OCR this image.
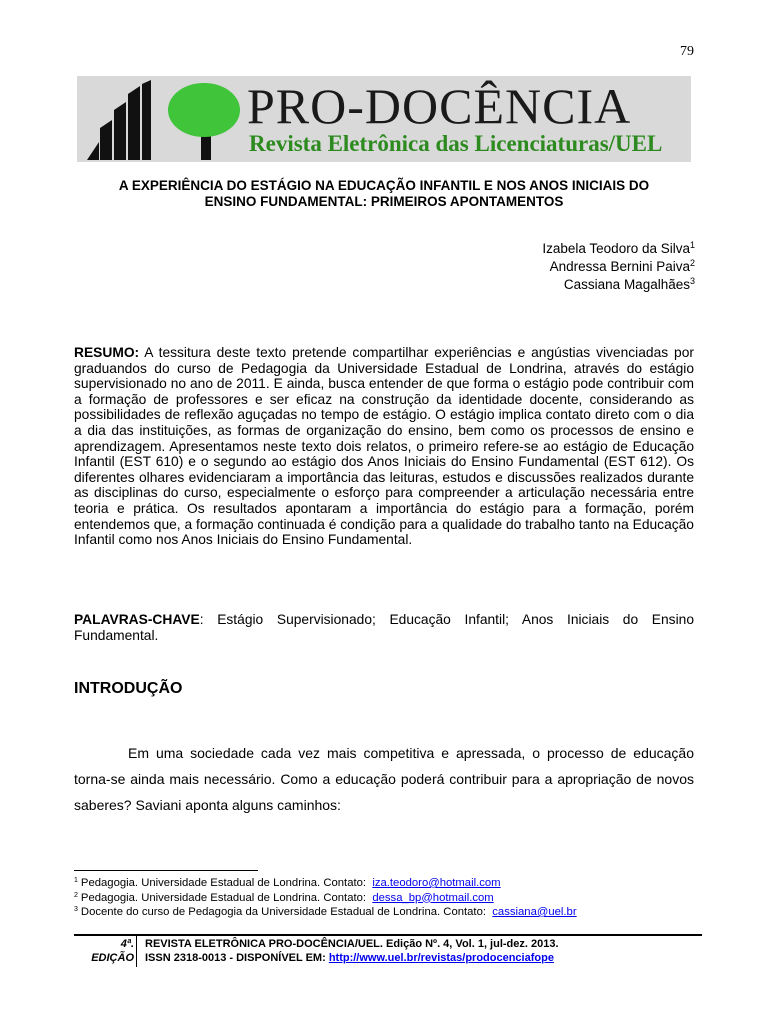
79
PRO-DOCÊNCIA
Revista Eletrônica das Licenciaturas/UEL
A EXPERIÊNCIA DO ESTÁGIO NA EDUCAÇÃO INFANTIL E NOS ANOS INICIAIS DO
ENSINO FUNDAMENTAL: PRIMEIROS APONTAMENTOS
Izabela Teodoro da Silva$^1$
Andressa Bernini Paiva$^2$
Cassiana Magalhães$^3$

RESUMO: A tessitura deste texto pretende compartilhar experiências e angústias vivenciadas por graduandos do curso de Pedagogia da Universidade Estadual de Londrina, através do estágio supervisionado no ano de 2011. E ainda, busca entender de que forma o estágio pode contribuir com a formação de professores e ser eficaz na construção da identidade docente, considerando as possibilidades de reflexão aguçadas no tempo de estágio. O estágio implica contato direto com o dia a dia das instituições, as formas de organização do ensino, bem como os processos de ensino e aprendizagem. Apresentamos neste texto dois relatos, o primeiro refere-se ao estágio de Educação Infantil (EST 610) e o segundo ao estágio dos Anos Iniciais do Ensino Fundamental (EST 612). Os diferentes olhares evidenciaram a importância das leituras, estudos e discussões realizados durante as disciplinas do curso, especialmente o esforço para compreender a articulação necessária entre teoria e prática. Os resultados apontaram a importância do estágio para a formação, porém entendemos que, a formação continuada é condição para a qualidade do trabalho tanto na Educação Infantil como nos Anos Iniciais do Ensino Fundamental.

PALAVRAS-CHAVE: Estágio Supervisionado; Educação Infantil; Anos Iniciais do Ensino Fundamental.

INTRODUÇÃO

Em uma sociedade cada vez mais competitiva e apressada, o processo de educação torna-se ainda mais necessário. Como a educação poderá contribuir para a apropriação de novos saberes? Saviani aponta alguns caminhos:

$^1$ Pedagogia. Universidade Estadual de Londrina. Contato: iza.teodoro@hotmail.com
$^2$ Pedagogia. Universidade Estadual de Londrina. Contato: dessa_bp@hotmail.com
$^3$ Docente do curso de Pedagogia da Universidade Estadual de Londrina. Contato: cassiana@uel.br
4ª.
EDIÇÃO
REVISTA ELETRÔNICA PRO-DOCÊNCIA/UEL. Edição Nº. 4, Vol. 1, jul-dez. 2013.
ISSN 2318-0013 - DISPONÍVEL EM: http://www.uel.br/revistas/prodocenciafope
